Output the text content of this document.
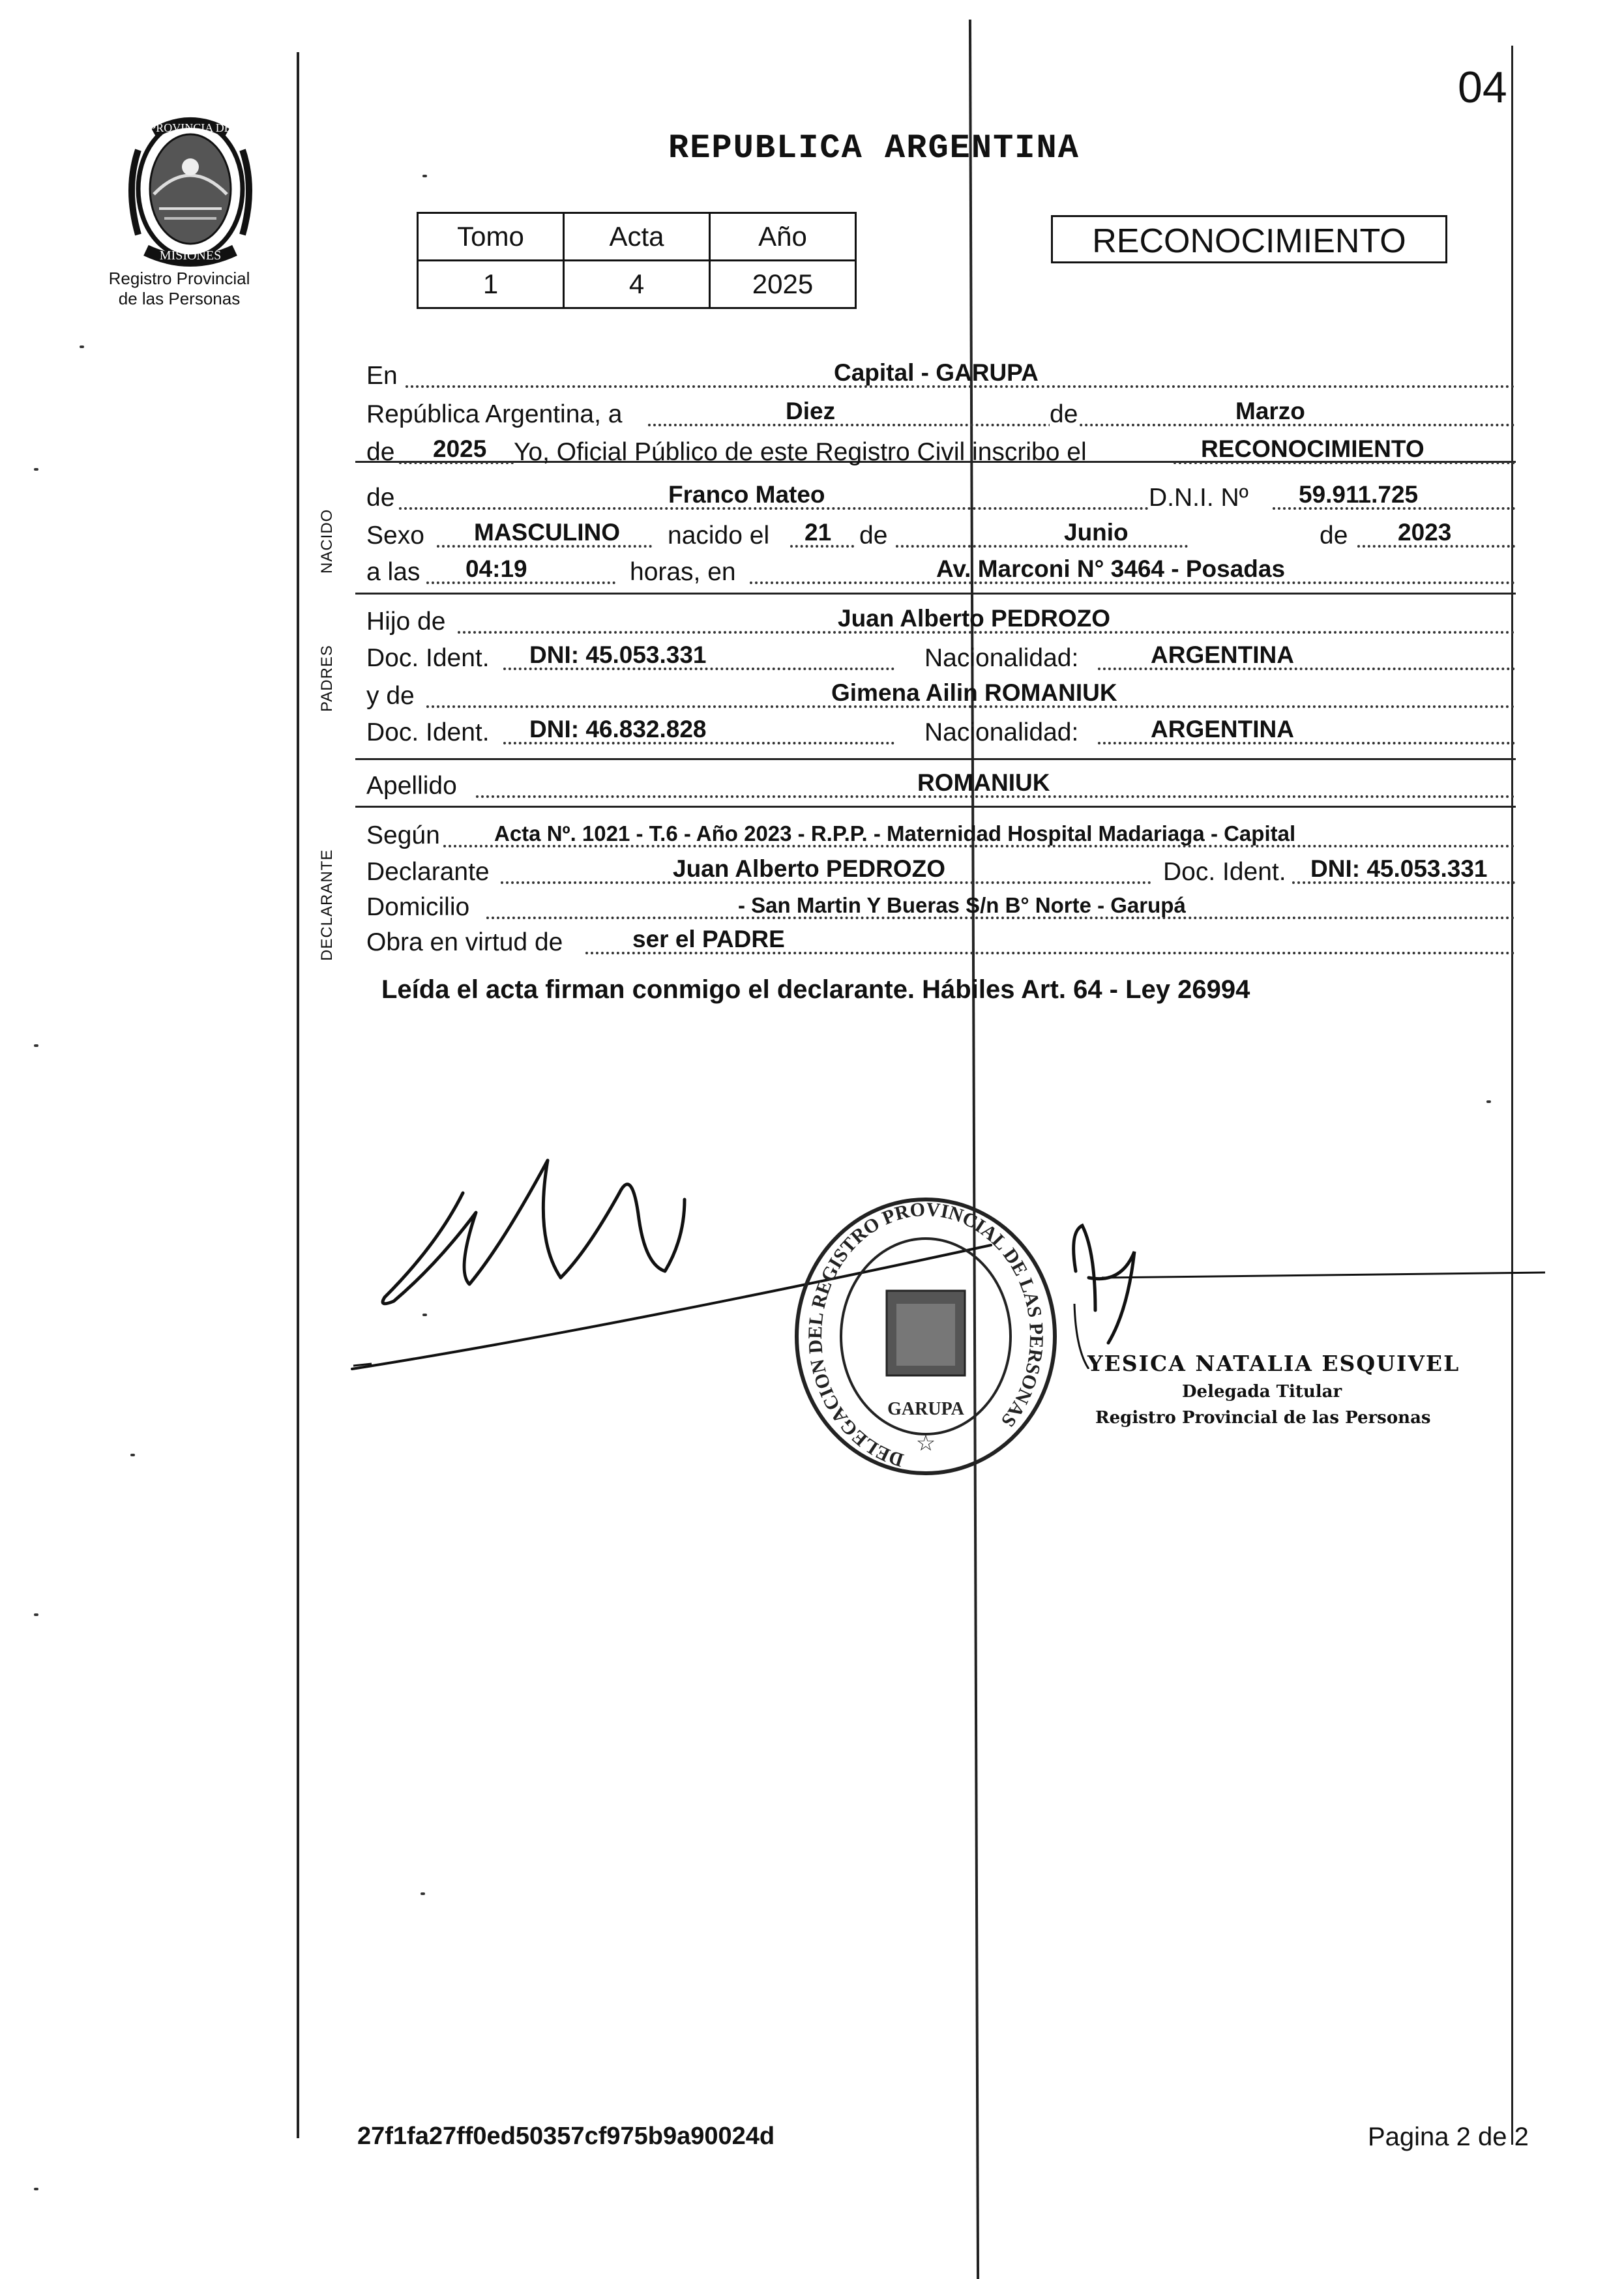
04
PROVINCIA DE
MISIONES
Registro Provincial
de las Personas
REPUBLICA ARGENTINA
Tomo	Acta	Año
1	4	2025
RECONOCIMIENTO
NACIDO
PADRES
DECLARANTE
En	Capital - GARUPA
República Argentina, a	Diez	de	Marzo
de 2025 Yo, Oficial Público de este Registro Civil inscribo el	RECONOCIMIENTO
de	Franco Mateo	D.N.I. Nº 59.911.725
Sexo MASCULINO nacido el 21 de	Junio	de 2023
a las 04:19	horas, en	Av. Marconi N° 3464 - Posadas
Hijo de	Juan Alberto PEDROZO
Doc. Ident. DNI: 45.053.331	Nacionalidad:	ARGENTINA
y de	Gimena Ailin ROMANIUK
Doc. Ident. DNI: 46.832.828	Nacionalidad:	ARGENTINA
Apellido	ROMANIUK
Según	Acta Nº. 1021 - T.6 - Año 2023 - R.P.P. - Maternidad Hospital Madariaga - Capital
Declarante	Juan Alberto PEDROZO	Doc. Ident. DNI: 45.053.331
Domicilio	- San Martin Y Bueras S/n B° Norte - Garupá
Obra en virtud de	ser el PADRE
Leída el acta firman conmigo el declarante. Hábiles Art. 64 - Ley 26994
DELEGACION DEL REGISTRO PROVINCIAL DE LAS PERSONAS
GARUPA
☆
YESICA NATALIA ESQUIVEL
Delegada Titular
Registro Provincial de las Personas
27f1fa27ff0ed50357cf975b9a90024d	Pagina 2 de 2
